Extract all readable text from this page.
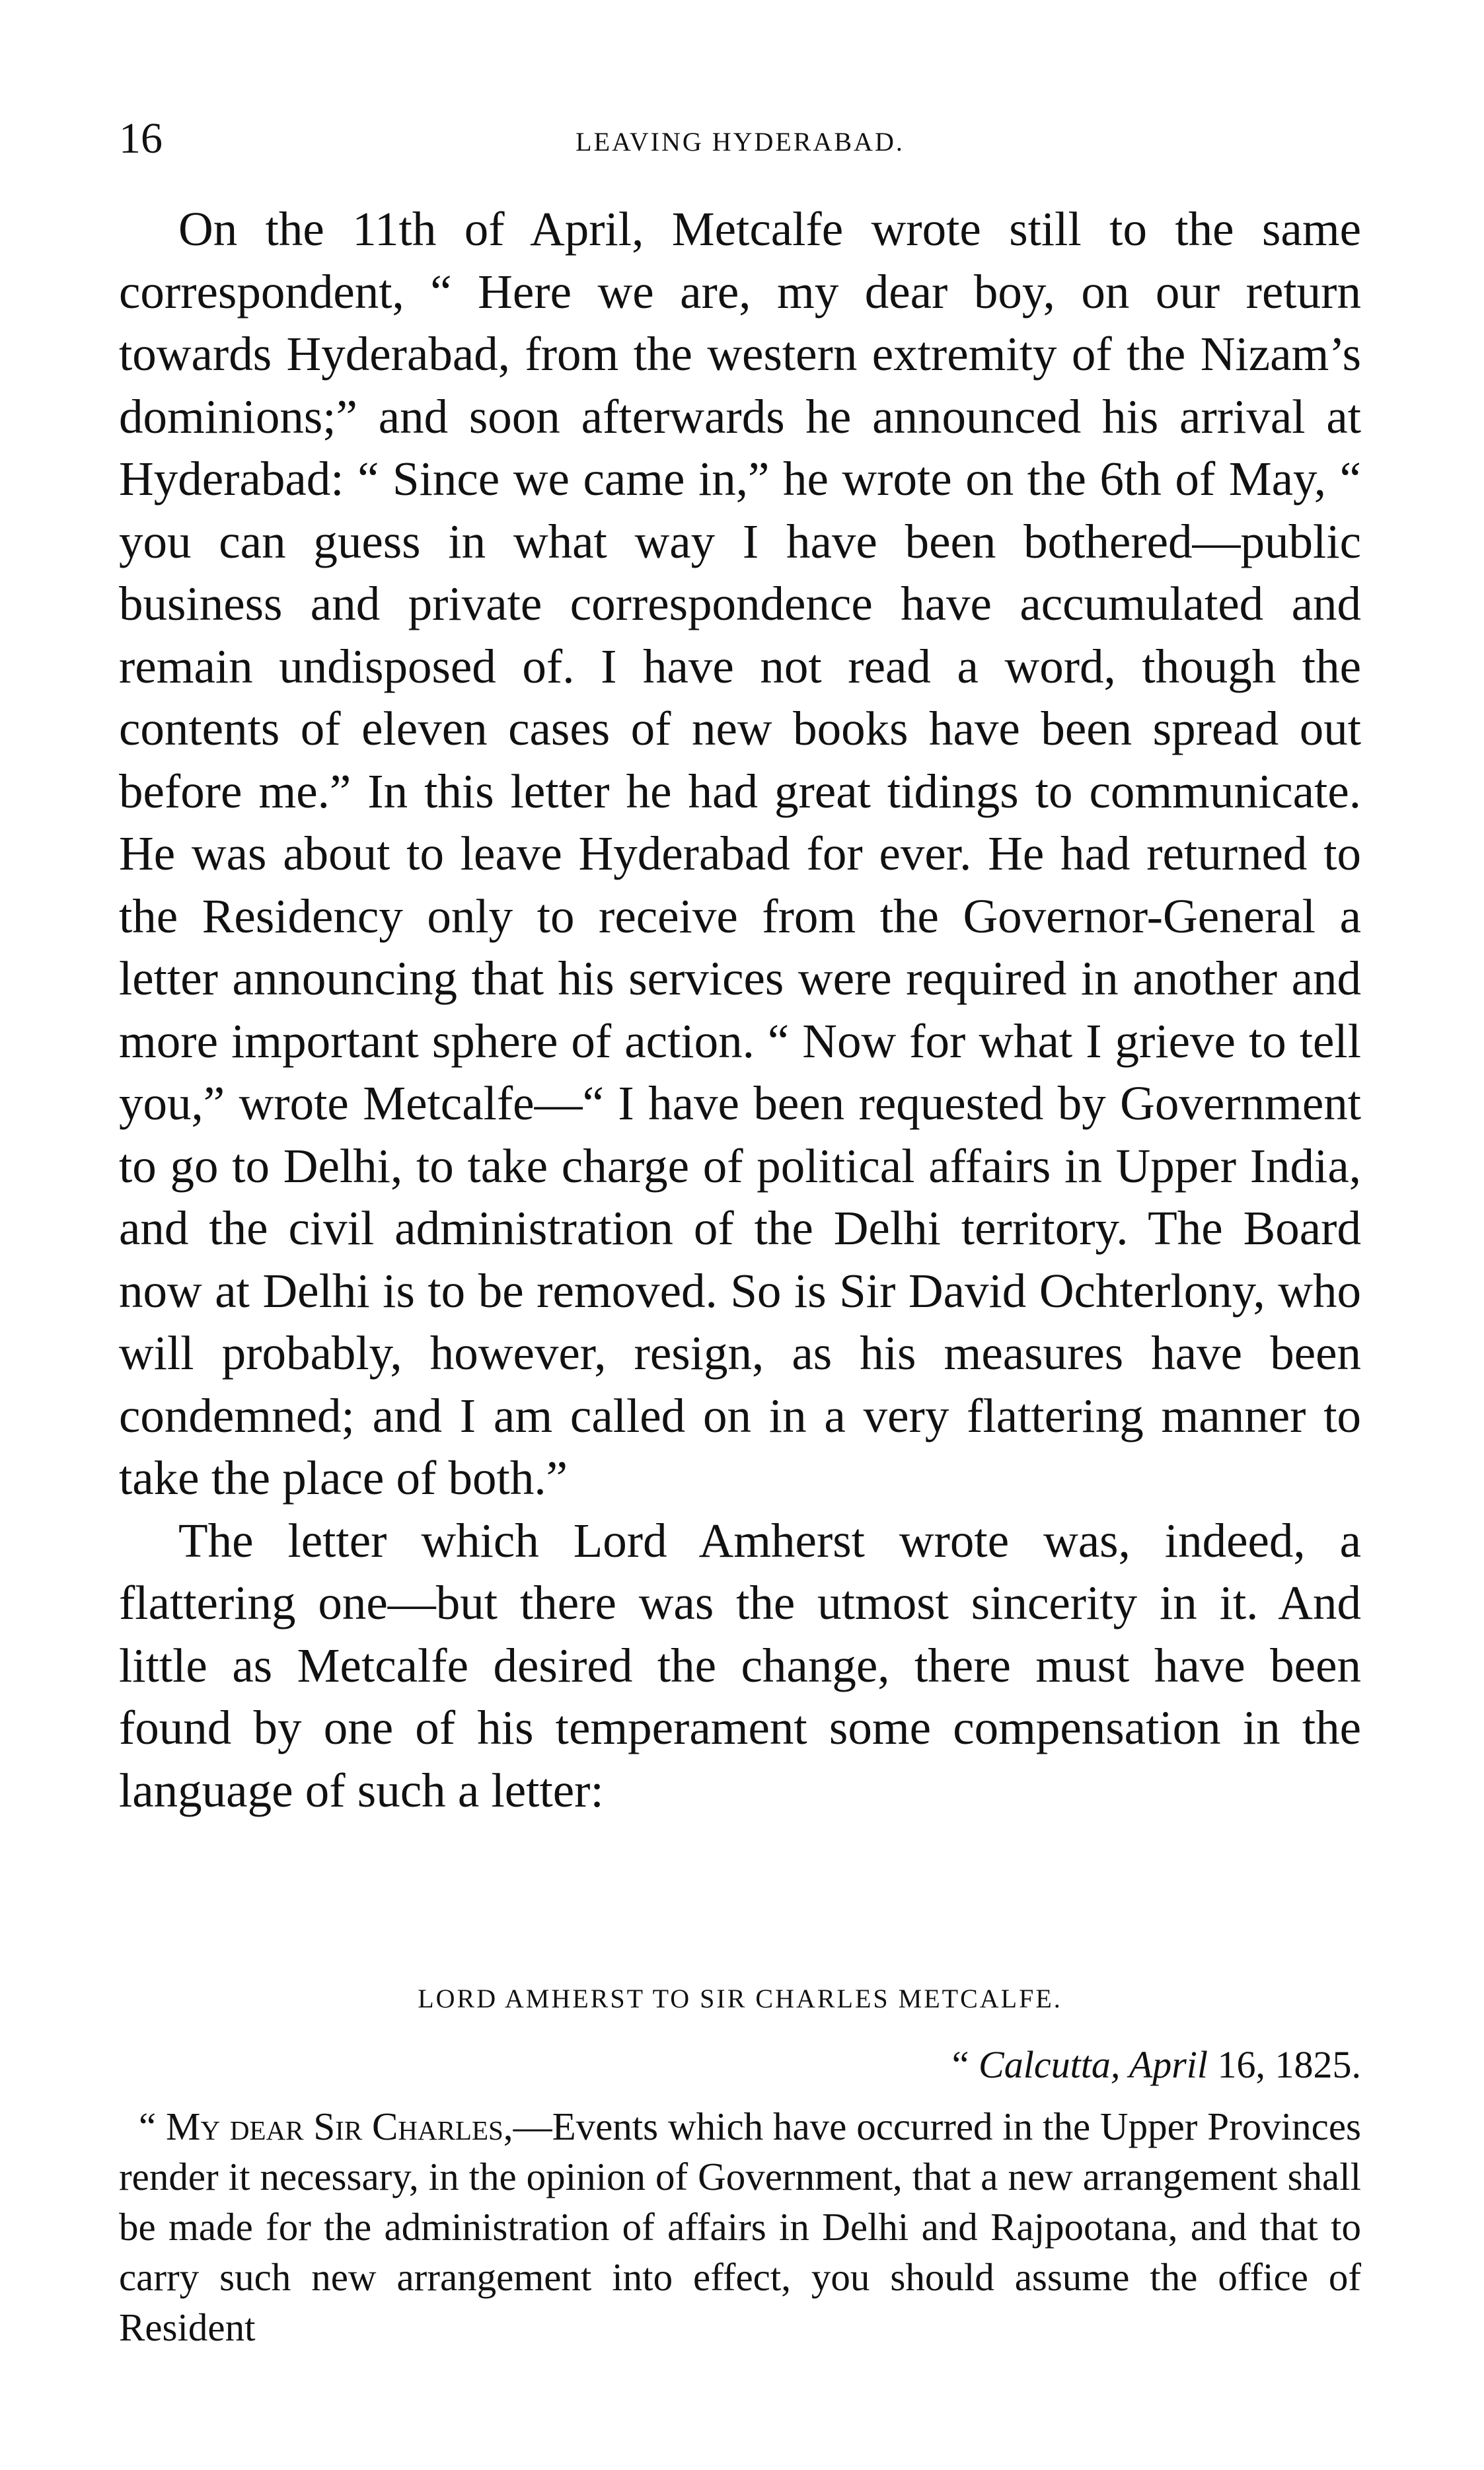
16	LEAVING HYDERABAD.

On the 11th of April, Metcalfe wrote still to the same correspondent, “ Here we are, my dear boy, on our return towards Hyderabad, from the western extremity of the Nizam’s dominions;” and soon afterwards he announced his arrival at Hyderabad: “ Since we came in,” he wrote on the 6th of May, “ you can guess in what way I have been bothered—public business and private correspondence have accumulated and remain undisposed of. I have not read a word, though the contents of eleven cases of new books have been spread out before me.” In this letter he had great tidings to communicate. He was about to leave Hyderabad for ever. He had returned to the Residency only to receive from the Governor-General a letter announcing that his services were required in another and more important sphere of action. “ Now for what I grieve to tell you,” wrote Metcalfe—“ I have been requested by Government to go to Delhi, to take charge of political affairs in Upper India, and the civil administration of the Delhi territory. The Board now at Delhi is to be removed. So is Sir David Ochterlony, who will probably, however, resign, as his measures have been condemned; and I am called on in a very flattering manner to take the place of both.”

The letter which Lord Amherst wrote was, indeed, a flattering one—but there was the utmost sincerity in it. And little as Metcalfe desired the change, there must have been found by one of his temperament some compensation in the language of such a letter:

LORD AMHERST TO SIR CHARLES METCALFE.
“ Calcutta, April 16, 1825.

“ My dear Sir Charles,—Events which have occurred in the Upper Provinces render it necessary, in the opinion of Government, that a new arrangement shall be made for the administration of affairs in Delhi and Rajpootana, and that to carry such new arrangement into effect, you should assume the office of Resident
